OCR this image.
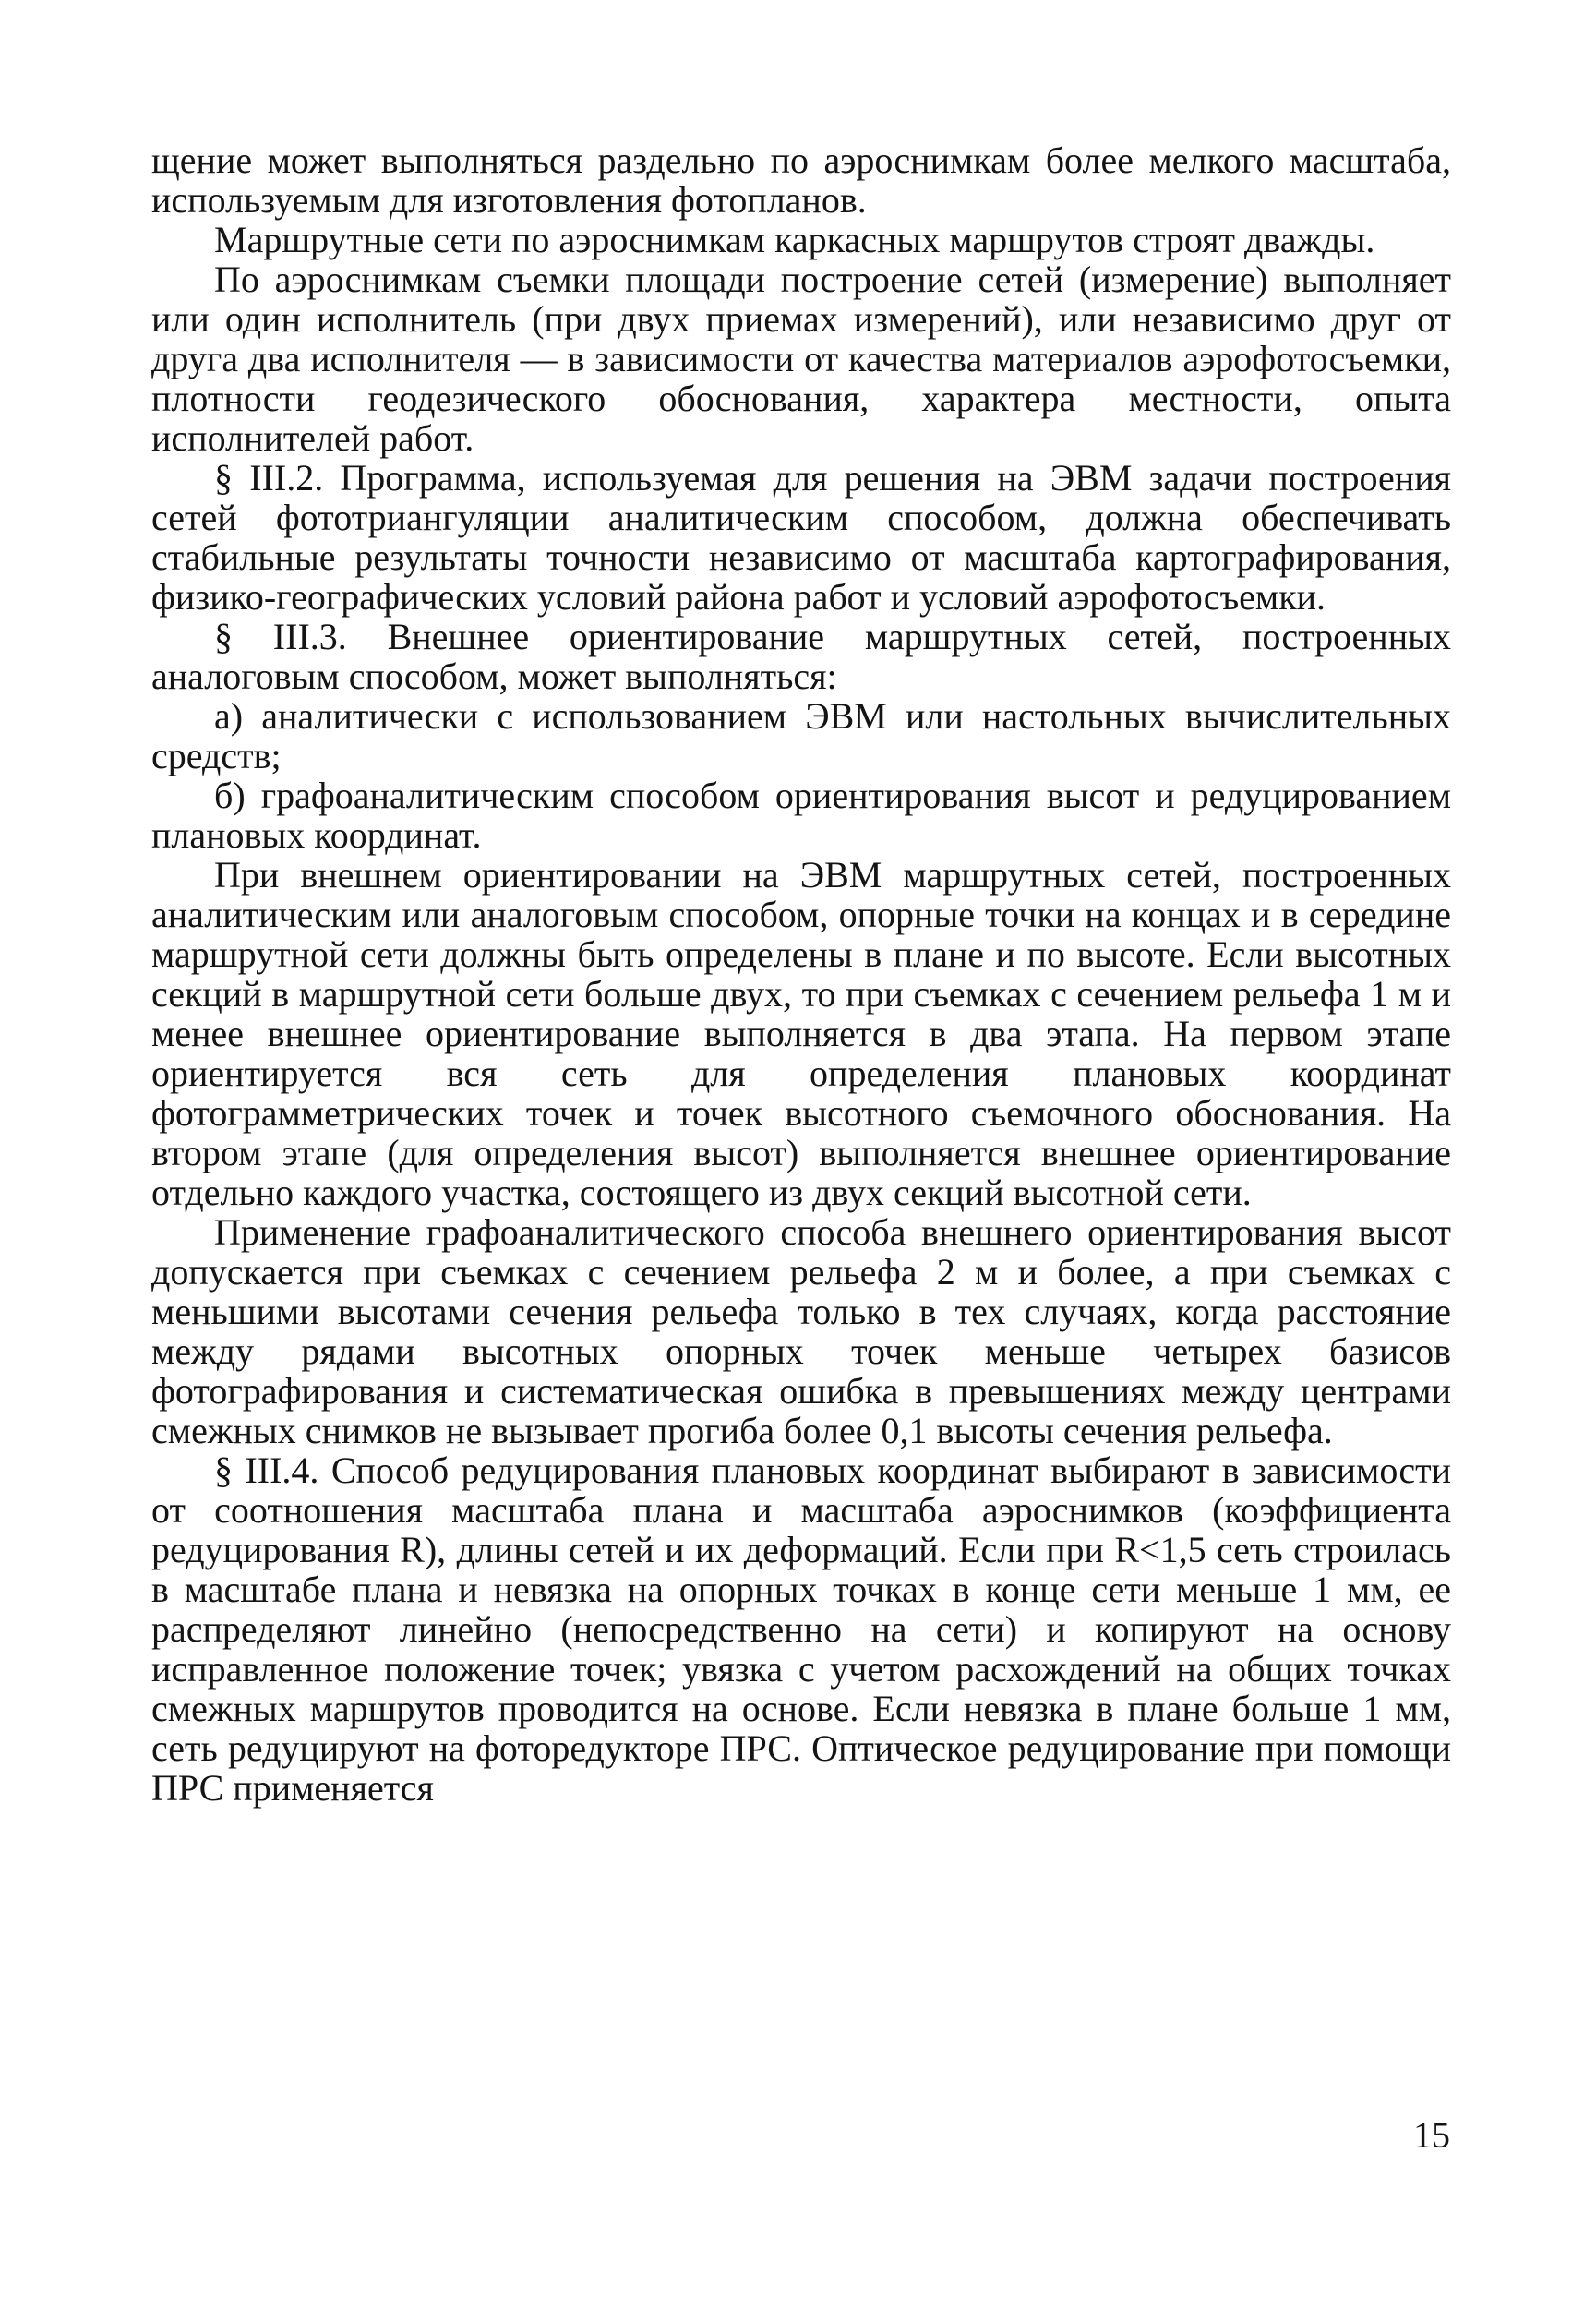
щение может выполняться раздельно по аэроснимкам более мелкого масштаба, используемым для изготовления фотопланов.

Маршрутные сети по аэроснимкам каркасных маршрутов строят дважды.

По аэроснимкам съемки площади построение сетей (измерение) выполняет или один исполнитель (при двух приемах измерений), или независимо друг от друга два исполнителя — в зависимости от качества материалов аэрофотосъемки, плотности геодезического обоснования, характера местности, опыта исполнителей работ.

§ III.2. Программа, используемая для решения на ЭВМ задачи построения сетей фототриангуляции аналитическим способом, должна обеспечивать стабильные результаты точности независимо от масштаба картографирования, физико-географических условий района работ и условий аэрофотосъемки.

§ III.3. Внешнее ориентирование маршрутных сетей, построенных аналоговым способом, может выполняться:

а) аналитически с использованием ЭВМ или настольных вычислительных средств;

б) графоаналитическим способом ориентирования высот и редуцированием плановых координат.

При внешнем ориентировании на ЭВМ маршрутных сетей, построенных аналитическим или аналоговым способом, опорные точки на концах и в середине маршрутной сети должны быть определены в плане и по высоте. Если высотных секций в маршрутной сети больше двух, то при съемках с сечением рельефа 1 м и менее внешнее ориентирование выполняется в два этапа. На первом этапе ориентируется вся сеть для определения плановых координат фотограмметрических точек и точек высотного съемочного обоснования. На втором этапе (для определения высот) выполняется внешнее ориентирование отдельно каждого участка, состоящего из двух секций высотной сети.

Применение графоаналитического способа внешнего ориентирования высот допускается при съемках с сечением рельефа 2 м и более, а при съемках с меньшими высотами сечения рельефа только в тех случаях, когда расстояние между рядами высотных опорных точек меньше четырех базисов фотографирования и систематическая ошибка в превышениях между центрами смежных снимков не вызывает прогиба более 0,1 высоты сечения рельефа.

§ III.4. Способ редуцирования плановых координат выбирают в зависимости от соотношения масштаба плана и масштаба аэроснимков (коэффициента редуцирования R), длины сетей и их деформаций. Если при R<1,5 сеть строилась в масштабе плана и невязка на опорных точках в конце сети меньше 1 мм, ее распределяют линейно (непосредственно на сети) и копируют на основу исправленное положение точек; увязка с учетом расхождений на общих точках смежных маршрутов проводится на основе. Если невязка в плане больше 1 мм, сеть редуцируют на фоторедукторе ПРС. Оптическое редуцирование при помощи ПРС применяется

15
